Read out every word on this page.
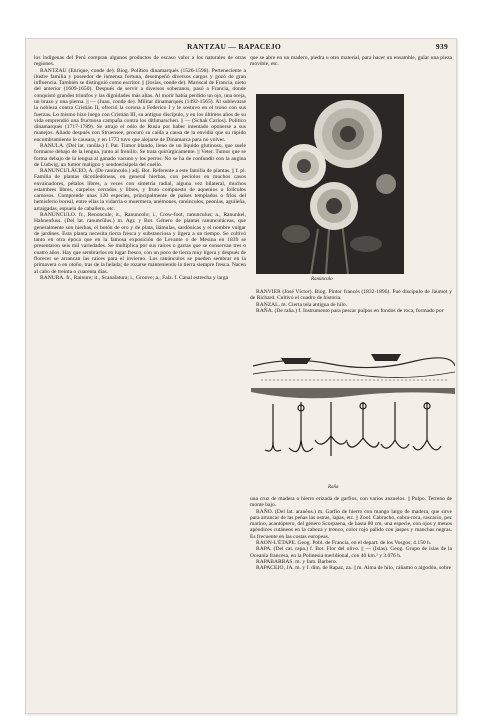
RANTZAU — RAPACEJO	939

los indígenas del Perú compran algunos productos de escaso valor a los naturales de otras regiones.

RANTZAU (Enrique, conde de). Biog. Político dinamarqués (1526-1598). Perteneciente a ilustre familia y poseedor de inmensa fortuna, desempeñó diversos cargos y gozó de gran influencia. También se distinguió como escritor. || (Josías, conde de). Mariscal de Francia, nieto del anterior (1609-1650). Después de servir a diversos soberanos, pasó a Francia, donde conquistó grandes triunfos y las dignidades más altas. Al morir había perdido un ojo, una oreja, un brazo y una pierna. || — (Juan, conde de). Militar dinamarqués (1492-1565). Al sublevarse la nobleza contra Cristián II, ofreció la corona a Federico I y le sostuvo en el trono con sus fuerzas. Lo mismo hizo luego con Cristián III, su antiguo discípulo, y en los últimos años de su vida emprendió una fructuosa campaña contra los dithmarschen. || — (Schak Carlos). Político dinamarqués (1717-1789). Se atrajo el odio de Rusia por haber intentado oponerse a sus manejos. Aliado después con Struensee, procuró su caída a causa de la envidia que su rápido encumbramiento le causara, y en 1773 tuvo que alejarse de Dinamarca para no volver.

RANULA. (Del lat. ranŭla.) f. Pat. Tumor blando, lleno de un líquido glutinoso, que suele formarse debajo de la lengua, junto al frenillo. Se trata quirúrgicamente. || Veter. Tumor que se forma debajo de la lengua al ganado vacuno y los perros. No se ha de confundir con la angina de Ludwig, un tumor maligno y sendoerisipela del cuello.

RANUNCULÁCEO, A. (De ranúnculo.) adj. Bot. Referente a este familia de plantas. || f. pl. Familia de plantas dicotiledóneas, en general hierbas, con peciolos en muchos casos envainadores, pétalos libres, a veces con simetría radial, alguna vez bilateral, muchos estambres libres, carpelos cerrados y libres, y fruto compuesto de aquenios o folículos carnosos. Comprende unas 120 especies, principalmente de países templados o fríos del hemisferio boreal, entre ellas la vidarria o muermera, anémones, ranúnculos, peonías, aguileña, arraigadas, espuela de caballero, etc.

RANÚNCULO. fr., Renoncule; it., Ranuncolo; i., Crow-foot, ranunculus; a., Ranunkel, Hahnenfuss. (Del lat. ranuncŭlus.) m. Agr. y Bot. Género de plantas ranunculáceas, que generalmente son hierbas, el botón de oro y de plata, llámulas, sardónicas y el nombre vulgar de jardines. Esta planta necesita tierra fresca y substanciosa y ligera a un tiempo. Se cultivó tanto en otra época que en la famosa exposición de Levante o de Mesina en 1839 se presentaron seis mil variedades. Se multiplica por sus raíces o garras que se conservan tres o cuatro años. Hay que sembrarlos en lugar fresco, con un poco de tierra muy ligera y después de florecer se arrancan las raíces para el invierno. Los ranúnculos se pueden sembrar en la primavera o en otoño, tras de la helada; de rozarse manteniendo la tierra siempre fresca. Nacen al cabo de treinta o cuarenta días.

RANURA. fr., Rainure; it., Scanalatura; i., Groove; a., Falz. f. Canal estrecha y larga

que se abre en un madero, piedra u otro material, para hacer un ensamble, guiar una pieza movible, etc.

Ranúnculo

RANVIER (José Víctor). Biog. Pintor francés (1832-1896). Fué discípulo de Jaumot y de Richard. Cultivó el cuadro de historia.

RANZAL. m. Cierta tela antigua de hilo.

RAÑA. (De raña.) f. Instrumento para pescar pulpos en fondos de roca, formado por

Raña

una cruz de madera o hierro erizada de garfios, con varios anzuelos. || Pulpo. Terreno de monte bajo.

RAÑO. (Del lat. aranĕus.) m. Garfio de hierro con mango largo de madera, que sirve para arrancar de las peñas las ostras, lapas, etc. || Zool. Cabracho, cabra-roca, rascacio, pez marino, acantóptero, del género Scorpaena, de hasta 80 cm. una especie, con ojos y menos apéndices cutáneos en la cabeza y tronco, color rojo pálido con jaspes y manchas negras. Es frecuente en las costas europeas.

RAON-L'ÉTAPE. Geog. Pobl. de Francia, en el depart. de los Vosgos; 4.150 h.

RAPA. (Del cat. rapa.) f. Bot. Flor del olivo. || — (Islas). Geog. Grupo de islas de la Oceanía francesa, en la Polinesia meridional, con 40 km.² y 3.076 h.

RAPABARBAS. m. y fam. Barbero.

RAPACEJO, JA. m. y f. dim. de Rapaz, za. || m. Alma de hilo, cáñamo o algodón, sobre
